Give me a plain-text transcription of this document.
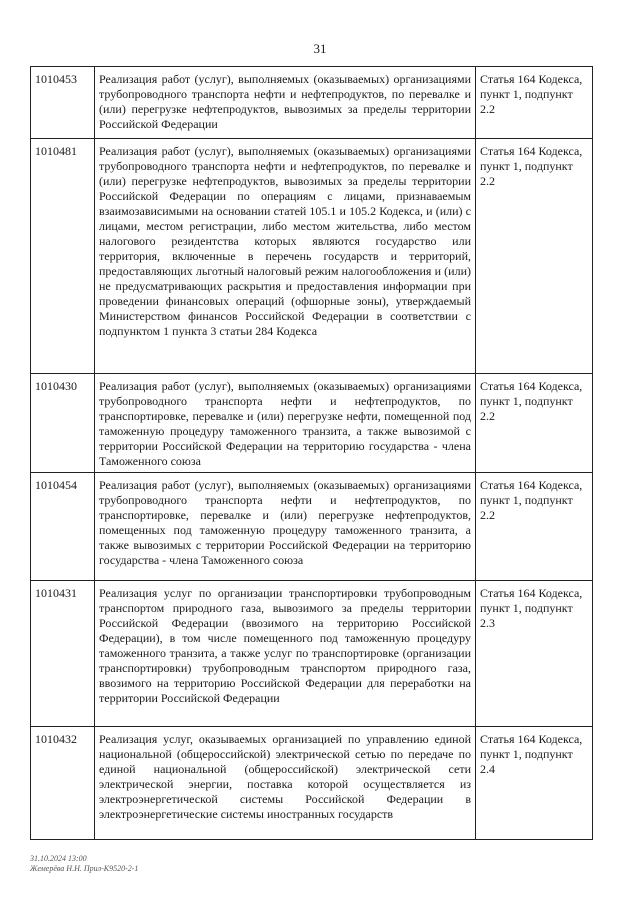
31
1010453	Реализация работ (услуг), выполняемых (оказываемых) организациями трубопроводного транспорта нефти и нефтепродуктов, по перевалке и (или) перегрузке нефтепродуктов, вывозимых за пределы территории Российской Федерации	Статья 164 Кодекса, пункт 1, подпункт 2.2
1010481	Реализация работ (услуг), выполняемых (оказываемых) организациями трубопроводного транспорта нефти и нефтепродуктов, по перевалке и (или) перегрузке нефтепродуктов, вывозимых за пределы территории Российской Федерации по операциям с лицами, признаваемым взаимозависимыми на основании статей 105.1 и 105.2 Кодекса, и (или) с лицами, местом регистрации, либо местом жительства, либо местом налогового резидентства которых являются государство или территория, включенные в перечень государств и территорий, предоставляющих льготный налоговый режим налогообложения и (или) не предусматривающих раскрытия и предоставления информации при проведении финансовых операций (офшорные зоны), утверждаемый Министерством финансов Российской Федерации в соответствии с подпунктом 1 пункта 3 статьи 284 Кодекса	Статья 164 Кодекса, пункт 1, подпункт 2.2
1010430	Реализация работ (услуг), выполняемых (оказываемых) организациями трубопроводного транспорта нефти и нефтепродуктов, по транспортировке, перевалке и (или) перегрузке нефти, помещенной под таможенную процедуру таможенного транзита, а также вывозимой с территории Российской Федерации на территорию государства - члена Таможенного союза	Статья 164 Кодекса, пункт 1, подпункт 2.2
1010454	Реализация работ (услуг), выполняемых (оказываемых) организациями трубопроводного транспорта нефти и нефтепродуктов, по транспортировке, перевалке и (или) перегрузке нефтепродуктов, помещенных под таможенную процедуру таможенного транзита, а также вывозимых с территории Российской Федерации на территорию государства - члена Таможенного союза	Статья 164 Кодекса, пункт 1, подпункт 2.2
1010431	Реализация услуг по организации транспортировки трубопроводным транспортом природного газа, вывозимого за пределы территории Российской Федерации (ввозимого на территорию Российской Федерации), в том числе помещенного под таможенную процедуру таможенного транзита, а также услуг по транспортировке (организации транспортировки) трубопроводным транспортом природного газа, ввозимого на территорию Российской Федерации для переработки на территории Российской Федерации	Статья 164 Кодекса, пункт 1, подпункт 2.3
1010432	Реализация услуг, оказываемых организацией по управлению единой национальной (общероссийской) электрической сетью по передаче по единой национальной (общероссийской) электрической сети электрической энергии, поставка которой осуществляется из электроэнергетической системы Российской Федерации в электроэнергетические системы иностранных государств	Статья 164 Кодекса, пункт 1, подпункт 2.4
31.10.2024 13:00
Жемерёва Н.Н. Прил-К9520-2-1
